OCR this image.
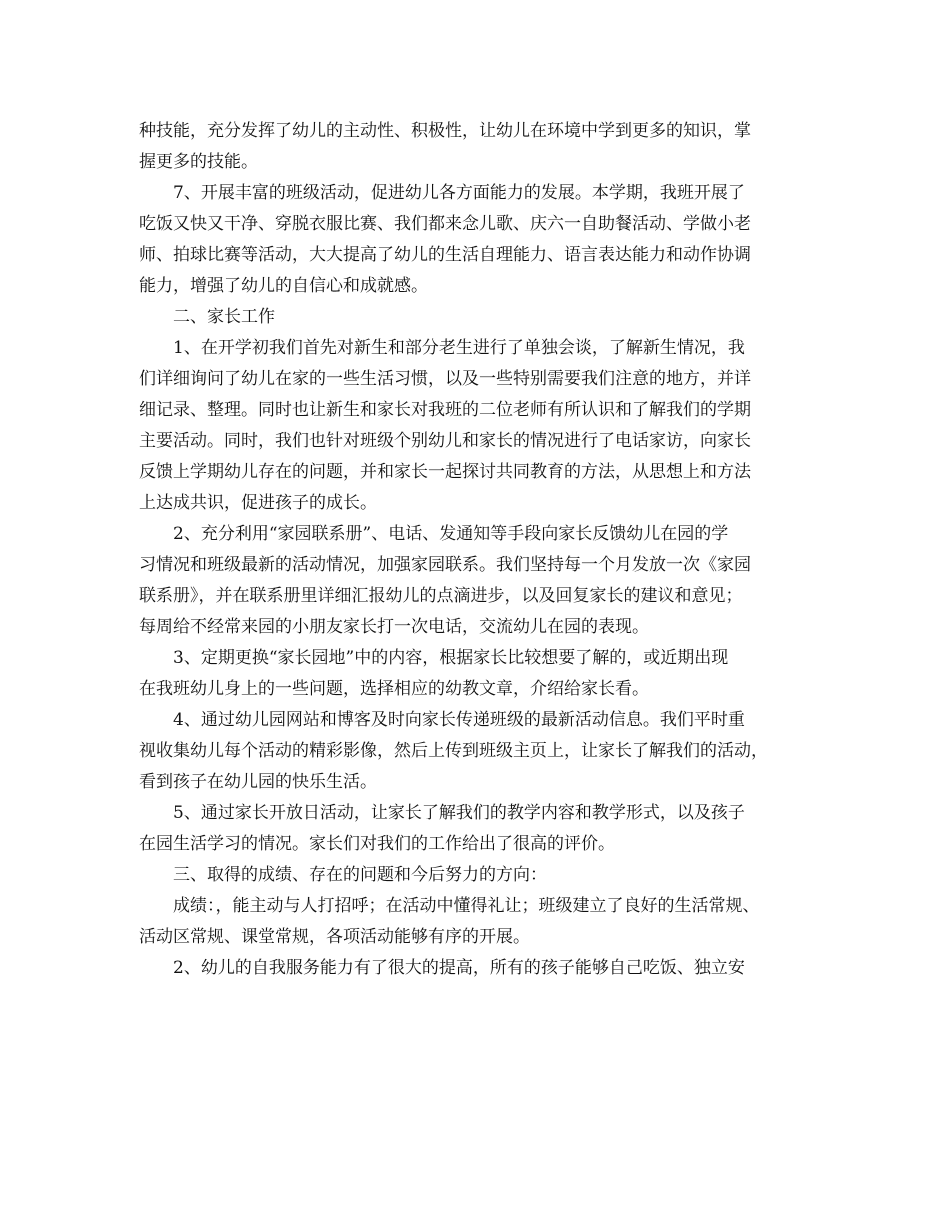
种技能，充分发挥了幼儿的主动性、积极性，让幼儿在环境中学到更多的知识，掌
握更多的技能。
7、开展丰富的班级活动，促进幼儿各方面能力的发展。本学期，我班开展了
吃饭又快又干净、穿脱衣服比赛、我们都来念儿歌、庆六一自助餐活动、学做小老
师、拍球比赛等活动，大大提高了幼儿的生活自理能力、语言表达能力和动作协调
能力，增强了幼儿的自信心和成就感。
二、家长工作
1、在开学初我们首先对新生和部分老生进行了单独会谈，了解新生情况，我
们详细询问了幼儿在家的一些生活习惯，以及一些特别需要我们注意的地方，并详
细记录、整理。同时也让新生和家长对我班的二位老师有所认识和了解我们的学期
主要活动。同时，我们也针对班级个别幼儿和家长的情况进行了电话家访，向家长
反馈上学期幼儿存在的问题，并和家长一起探讨共同教育的方法，从思想上和方法
上达成共识，促进孩子的成长。
2、充分利用“家园联系册”、电话、发通知等手段向家长反馈幼儿在园的学
习情况和班级最新的活动情况，加强家园联系。我们坚持每一个月发放一次《家园
联系册》，并在联系册里详细汇报幼儿的点滴进步，以及回复家长的建议和意见；
每周给不经常来园的小朋友家长打一次电话，交流幼儿在园的表现。
3、定期更换“家长园地”中的内容，根据家长比较想要了解的，或近期出现
在我班幼儿身上的一些问题，选择相应的幼教文章，介绍给家长看。
4、通过幼儿园网站和博客及时向家长传递班级的最新活动信息。我们平时重
视收集幼儿每个活动的精彩影像，然后上传到班级主页上，让家长了解我们的活动，
看到孩子在幼儿园的快乐生活。
5、通过家长开放日活动，让家长了解我们的教学内容和教学形式，以及孩子
在园生活学习的情况。家长们对我们的工作给出了很高的评价。
三、取得的成绩、存在的问题和今后努力的方向：
成绩：，能主动与人打招呼；在活动中懂得礼让；班级建立了良好的生活常规、
活动区常规、课堂常规，各项活动能够有序的开展。
2、幼儿的自我服务能力有了很大的提高，所有的孩子能够自己吃饭、独立安
